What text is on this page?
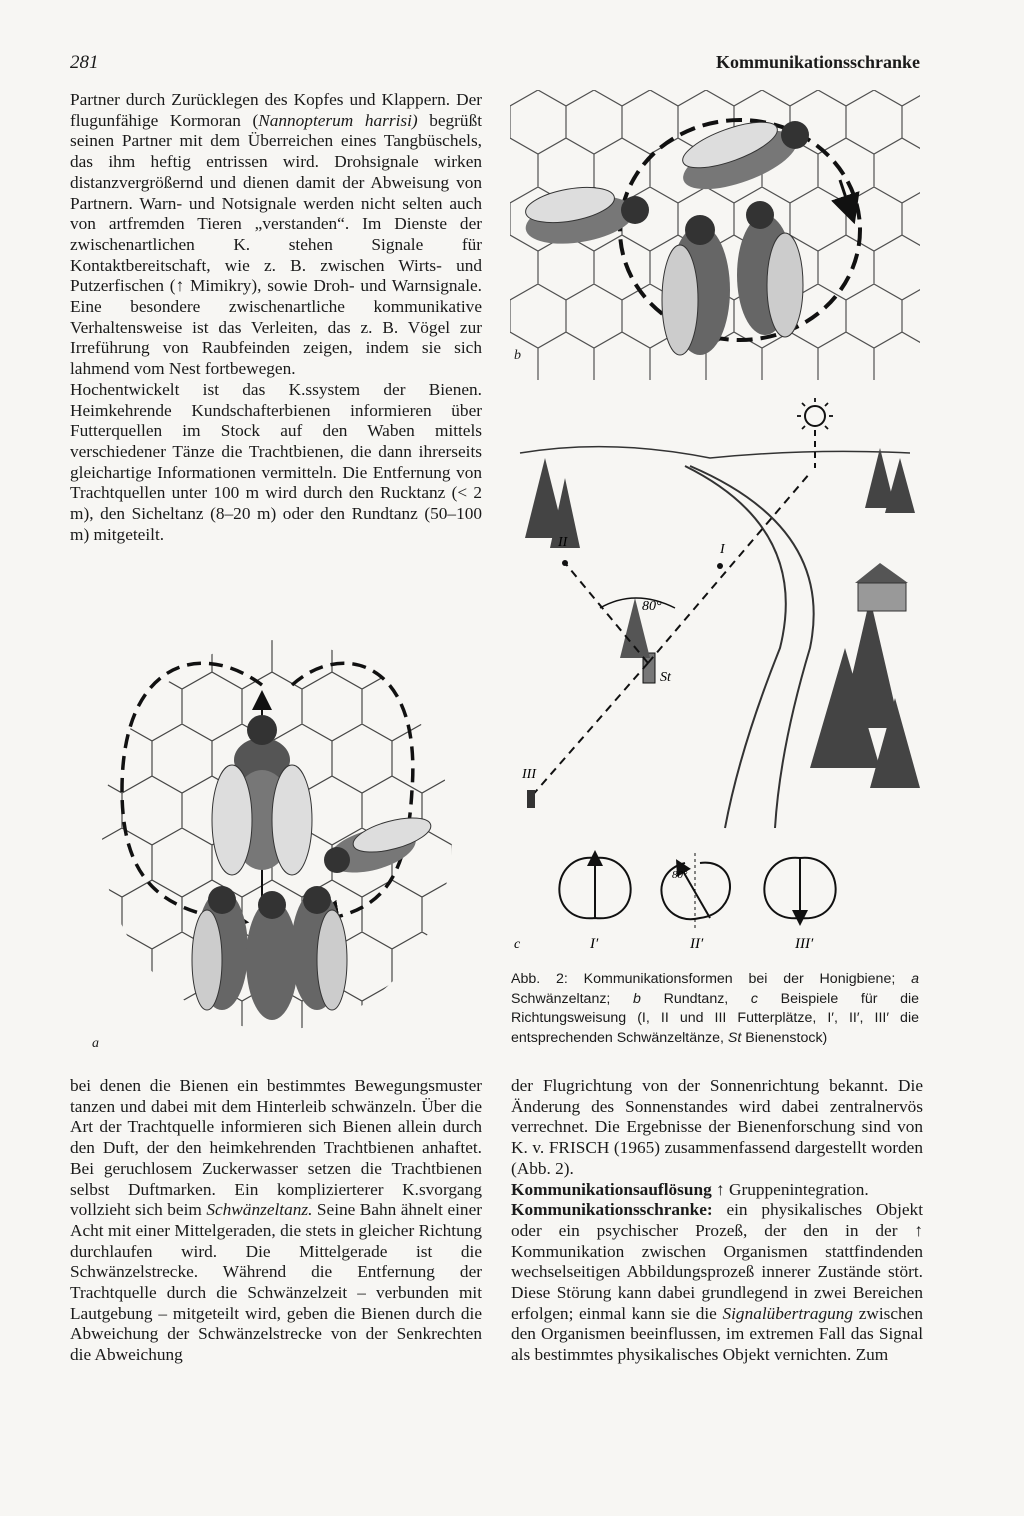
281	Kommunikationsschranke

Partner durch Zurücklegen des Kopfes und Klappern. Der flugunfähige Kormoran (Nannopterum harrisi) begrüßt seinen Partner mit dem Überreichen eines Tangbüschels, das ihm heftig entrissen wird. Drohsignale wirken distanzvergrößernd und dienen damit der Abweisung von Partnern. Warn- und Notsignale werden nicht selten auch von artfremden Tieren „verstanden“. Im Dienste der zwischenartlichen K. stehen Signale für Kontaktbereitschaft, wie z. B. zwischen Wirts- und Putzerfischen (↑ Mimikry), sowie Droh- und Warnsignale. Eine besondere zwischenartliche kommunikative Verhaltensweise ist das Verleiten, das z. B. Vögel zur Irreführung von Raubfeinden zeigen, indem sie sich lahmend vom Nest fortbewegen.

Hochentwickelt ist das K.ssystem der Bienen. Heimkehrende Kundschafterbienen informieren über Futterquellen im Stock auf den Waben mittels verschiedener Tänze die Trachtbienen, die dann ihrerseits gleichartige Informationen vermitteln. Die Entfernung von Trachtquellen unter 100 m wird durch den Rucktanz (< 2 m), den Sicheltanz (8–20 m) oder den Rundtanz (50–100 m) mitgeteilt.

a
b
St
80°
II	I
III
80°
c	I′	II′	III′
Abb. 2: Kommunikationsformen bei der Honigbiene; a Schwänzeltanz; b Rundtanz, c Beispiele für die Richtungsweisung (I, II und III Futterplätze, I′, II′, III′ die entsprechenden Schwänzeltänze, St Bienenstock)

bei denen die Bienen ein bestimmtes Bewegungsmuster tanzen und dabei mit dem Hinterleib schwänzeln. Über die Art der Trachtquelle informieren sich Bienen allein durch den Duft, der den heimkehrenden Trachtbienen anhaftet. Bei geruchlosem Zuckerwasser setzen die Trachtbienen selbst Duftmarken. Ein komplizierterer K.svorgang vollzieht sich beim Schwänzeltanz. Seine Bahn ähnelt einer Acht mit einer Mittelgeraden, die stets in gleicher Richtung durchlaufen wird. Die Mittelgerade ist die Schwänzelstrecke. Während die Entfernung der Trachtquelle durch die Schwänzelzeit – verbunden mit Lautgebung – mitgeteilt wird, geben die Bienen durch die Abweichung der Schwänzelstrecke von der Senkrechten die Abweichung

der Flugrichtung von der Sonnenrichtung bekannt. Die Änderung des Sonnenstandes wird dabei zentralnervös verrechnet. Die Ergebnisse der Bienenforschung sind von K. v. FRISCH (1965) zusammenfassend dargestellt worden (Abb. 2).

Kommunikationsauflösung ↑ Gruppenintegration.

Kommunikationsschranke: ein physikalisches Objekt oder ein psychischer Prozeß, der den in der ↑ Kommunikation zwischen Organismen stattfindenden wechselseitigen Abbildungsprozeß innerer Zustände stört. Diese Störung kann dabei grundlegend in zwei Bereichen erfolgen; einmal kann sie die Signalübertragung zwischen den Organismen beeinflussen, im extremen Fall das Signal als bestimmtes physikalisches Objekt vernichten. Zum
